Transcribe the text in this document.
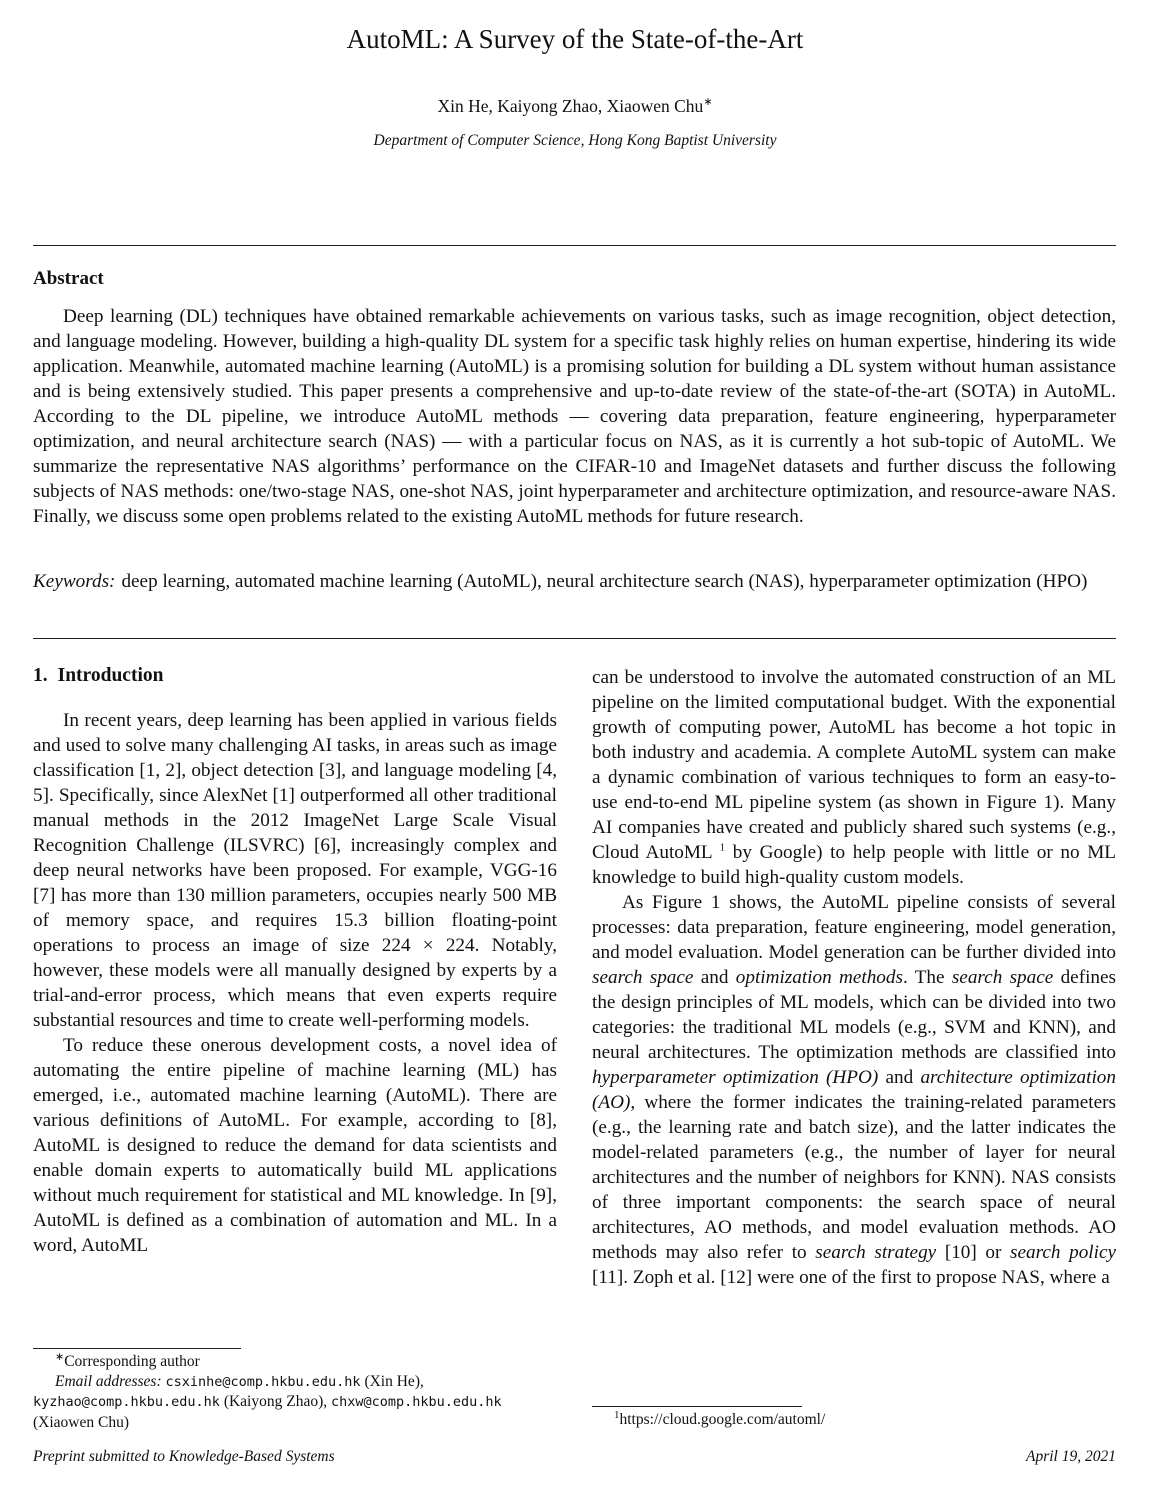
AutoML: A Survey of the State-of-the-Art
Xin He, Kaiyong Zhao, Xiaowen Chu∗
Department of Computer Science, Hong Kong Baptist University
Abstract
Deep learning (DL) techniques have obtained remarkable achievements on various tasks, such as image recognition, object detection, and language modeling. However, building a high-quality DL system for a specific task highly relies on human expertise, hindering its wide application. Meanwhile, automated machine learning (AutoML) is a promising solution for building a DL system without human assistance and is being extensively studied. This paper presents a comprehensive and up-to-date review of the state-of-the-art (SOTA) in AutoML. According to the DL pipeline, we introduce AutoML methods — covering data preparation, feature engineering, hyperparameter optimization, and neural architecture search (NAS) — with a particular focus on NAS, as it is currently a hot sub-topic of AutoML. We summarize the representative NAS algorithms’ performance on the CIFAR-10 and ImageNet datasets and further discuss the following subjects of NAS methods: one/two-stage NAS, one-shot NAS, joint hyperparameter and architecture optimization, and resource-aware NAS. Finally, we discuss some open problems related to the existing AutoML methods for future research.
Keywords: deep learning, automated machine learning (AutoML), neural architecture search (NAS), hyperparameter optimization (HPO)
1. Introduction

In recent years, deep learning has been applied in various fields and used to solve many challenging AI tasks, in areas such as image classification [1, 2], object detection [3], and language modeling [4, 5]. Specifically, since AlexNet [1] outperformed all other traditional manual methods in the 2012 ImageNet Large Scale Visual Recognition Challenge (ILSVRC) [6], increasingly complex and deep neural networks have been proposed. For example, VGG-16 [7] has more than 130 million parameters, occupies nearly 500 MB of memory space, and requires 15.3 billion floating-point operations to process an image of size 224 × 224. Notably, however, these models were all manually designed by experts by a trial-and-error process, which means that even experts require substantial resources and time to create well-performing models.

To reduce these onerous development costs, a novel idea of automating the entire pipeline of machine learning (ML) has emerged, i.e., automated machine learning (AutoML). There are various definitions of AutoML. For example, according to [8], AutoML is designed to reduce the demand for data scientists and enable domain experts to automatically build ML applications without much requirement for statistical and ML knowledge. In [9], AutoML is defined as a combination of automation and ML. In a word, AutoML

can be understood to involve the automated construction of an ML pipeline on the limited computational budget. With the exponential growth of computing power, AutoML has become a hot topic in both industry and academia. A complete AutoML system can make a dynamic combination of various techniques to form an easy-to-use end-to-end ML pipeline system (as shown in Figure 1). Many AI companies have created and publicly shared such systems (e.g., Cloud AutoML $^1$ by Google) to help people with little or no ML knowledge to build high-quality custom models.

As Figure 1 shows, the AutoML pipeline consists of several processes: data preparation, feature engineering, model generation, and model evaluation. Model generation can be further divided into search space and optimization methods. The search space defines the design principles of ML models, which can be divided into two categories: the traditional ML models (e.g., SVM and KNN), and neural architectures. The optimization methods are classified into hyperparameter optimization (HPO) and architecture optimization (AO), where the former indicates the training-related parameters (e.g., the learning rate and batch size), and the latter indicates the model-related parameters (e.g., the number of layer for neural architectures and the number of neighbors for KNN). NAS consists of three important components: the search space of neural architectures, AO methods, and model evaluation methods. AO methods may also refer to search strategy [10] or search policy [11]. Zoph et al. [12] were one of the first to propose NAS, where a

∗Corresponding author
Email addresses: csxinhe@comp.hkbu.edu.hk (Xin He),
kyzhao@comp.hkbu.edu.hk (Kaiyong Zhao), chxw@comp.hkbu.edu.hk
(Xiaowen Chu)	$^1$https://cloud.google.com/automl/
Preprint submitted to Knowledge-Based Systems	April 19, 2021
